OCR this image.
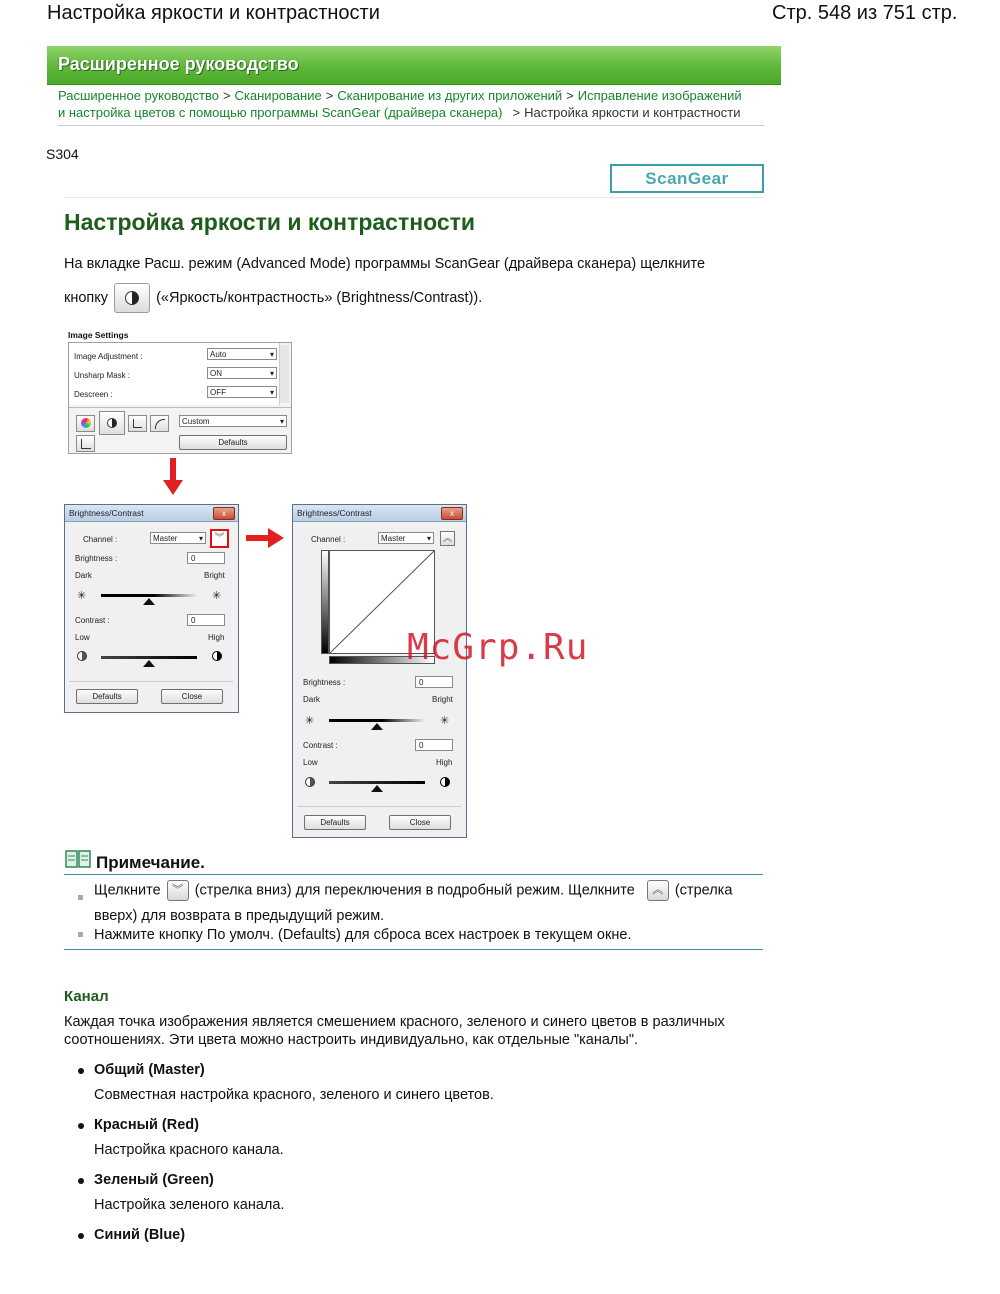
Настройка яркости и контрастности	Стр. 548 из 751 стр.
Расширенное руководство
Расширенное руководство > Сканирование > Сканирование из других приложений > Исправление изображений
и настройка цветов с помощью программы ScanGear (драйвера сканера) > Настройка яркости и контрастности
S304
ScanGear
Настройка яркости и контрастности
На вкладке Расш. режим (Advanced Mode) программы ScanGear (драйвера сканера) щелкните
кнопку	(«Яркость/контрастность» (Brightness/Contrast)).
Image Settings
Image Adjustment :	Auto ▾
Unsharp Mask :	ON ▾
Descreen :	OFF ▾
Custom ▾
Defaults
Brightness/Contrast	x
Channel :	Master ▾	︾
Brightness :	0
Dark	Bright
✳	✳
Contrast :	0
Low	High
Defaults	Close
Brightness/Contrast	x
Channel :	Master ▾	︽
Brightness :	0
Dark	Bright
✳	✳
Contrast :	0
Low	High
Defaults	Close
McGrp.Ru
Примечание.
Щелкните ︾ (стрелка вниз) для переключения в подробный режим. Щелкните ︽ (стрелка
вверх) для возврата в предыдущий режим.
Нажмите кнопку По умолч. (Defaults) для сброса всех настроек в текущем окне.
Канал
Каждая точка изображения является смешением красного, зеленого и синего цветов в различных
соотношениях. Эти цвета можно настроить индивидуально, как отдельные "каналы".
Общий (Master)
Совместная настройка красного, зеленого и синего цветов.
Красный (Red)
Настройка красного канала.
Зеленый (Green)
Настройка зеленого канала.
Синий (Blue)
